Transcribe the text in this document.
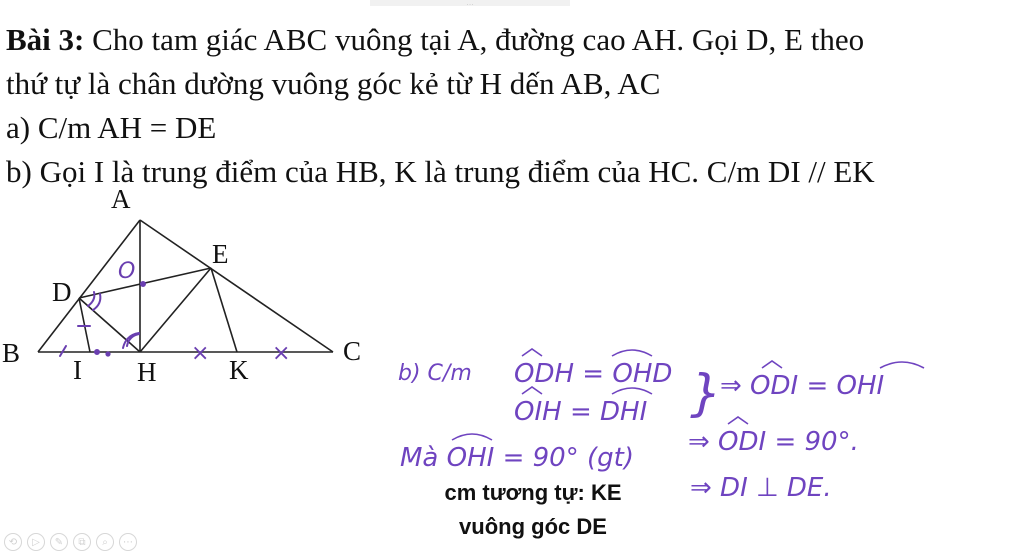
...
Bài 3: Cho tam giác ABC vuông tại A, đường cao AH. Gọi D, E theo
thứ tự là chân dường vuông góc kẻ từ H dến AB, AC
a) C/m AH = DE
b) Gọi I là trung điểm của HB, K là trung điểm của HC. C/m DI // EK
O
×	×
A
B	C
D
E
H
I	K	b) C/m ODH = OHD
OIH = DHI }
⇒ ODI = OHI
Mà OHI = 90° (gt)
⇒ ODI = 90°.
⇒ DI ⊥ DE.
cm tương tự: KE
vuông góc DE
⟲	▷	✎	⧉	⌕	⋯
